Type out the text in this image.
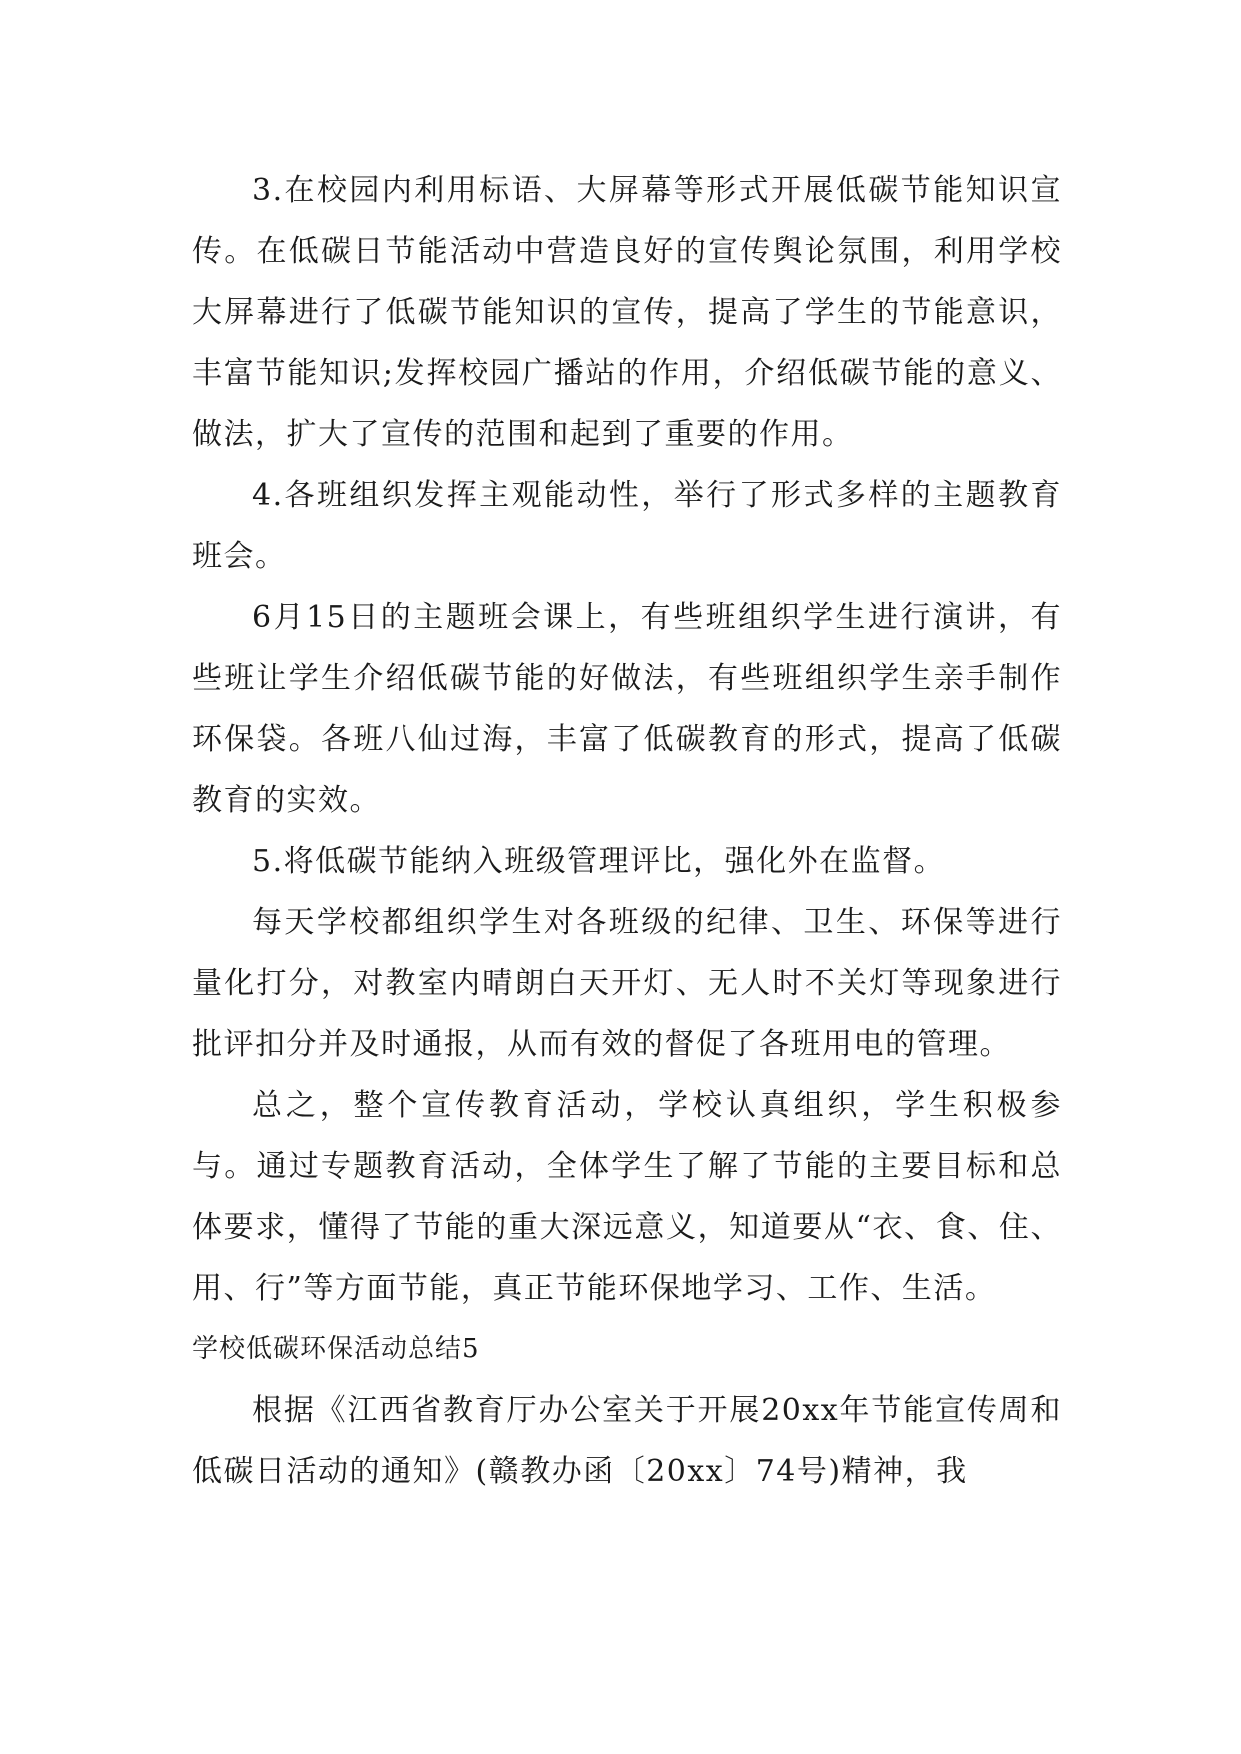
3.在校园内利用标语、大屏幕等形式开展低碳节能知识宣传。在低碳日节能活动中营造良好的宣传舆论氛围，利用学校大屏幕进行了低碳节能知识的宣传，提高了学生的节能意识，丰富节能知识;发挥校园广播站的作用，介绍低碳节能的意义、做法，扩大了宣传的范围和起到了重要的作用。

4.各班组织发挥主观能动性，举行了形式多样的主题教育班会。

6月15日的主题班会课上，有些班组织学生进行演讲，有些班让学生介绍低碳节能的好做法，有些班组织学生亲手制作环保袋。各班八仙过海，丰富了低碳教育的形式，提高了低碳教育的实效。

5.将低碳节能纳入班级管理评比，强化外在监督。

每天学校都组织学生对各班级的纪律、卫生、环保等进行量化打分，对教室内晴朗白天开灯、无人时不关灯等现象进行批评扣分并及时通报，从而有效的督促了各班用电的管理。

总之，整个宣传教育活动，学校认真组织，学生积极参与。通过专题教育活动，全体学生了解了节能的主要目标和总体要求，懂得了节能的重大深远意义，知道要从“衣、食、住、用、行”等方面节能，真正节能环保地学习、工作、生活。

学校低碳环保活动总结5

根据《江西省教育厅办公室关于开展20xx年节能宣传周和低碳日活动的通知》(赣教办函〔20xx〕74号)精神，我
